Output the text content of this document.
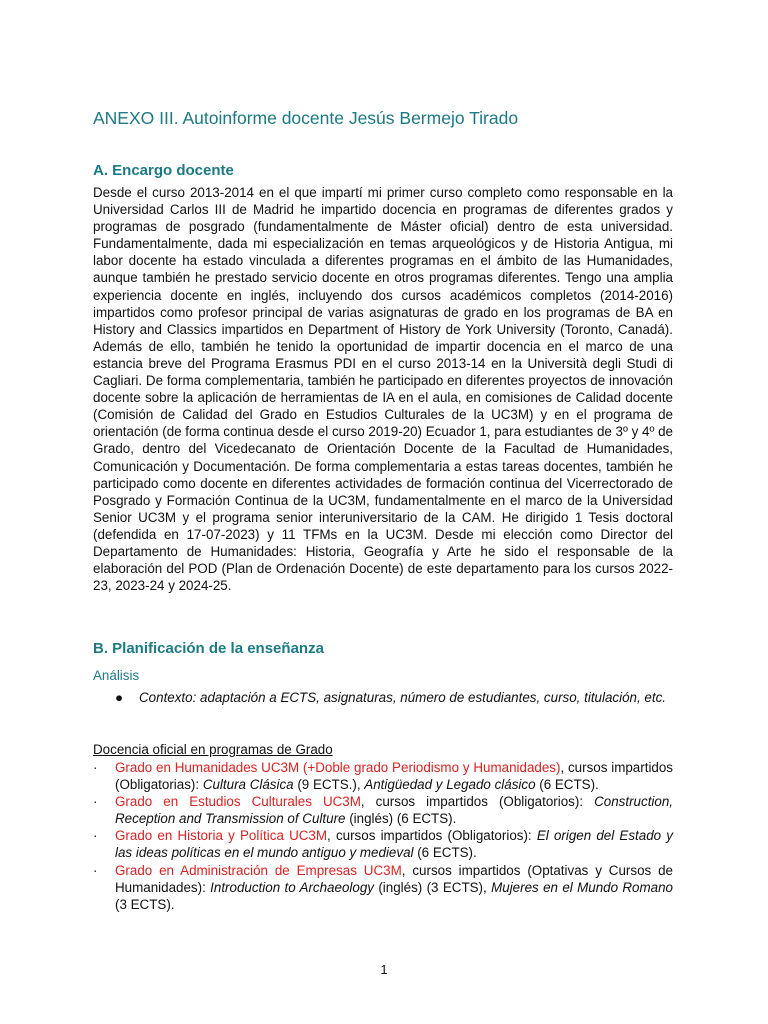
ANEXO III. Autoinforme docente Jesús Bermejo Tirado
A. Encargo docente

Desde el curso 2013-2014 en el que impartí mi primer curso completo como responsable en la Universidad Carlos III de Madrid he impartido docencia en programas de diferentes grados y programas de posgrado (fundamentalmente de Máster oficial) dentro de esta universidad. Fundamentalmente, dada mi especialización en temas arqueológicos y de Historia Antigua, mi labor docente ha estado vinculada a diferentes programas en el ámbito de las Humanidades, aunque también he prestado servicio docente en otros programas diferentes. Tengo una amplia experiencia docente en inglés, incluyendo dos cursos académicos completos (2014-2016) impartidos como profesor principal de varias asignaturas de grado en los programas de BA en History and Classics impartidos en Department of History de York University (Toronto, Canadá). Además de ello, también he tenido la oportunidad de impartir docencia en el marco de una estancia breve del Programa Erasmus PDI en el curso 2013-14 en la Università degli Studi di Cagliari. De forma complementaria, también he participado en diferentes proyectos de innovación docente sobre la aplicación de herramientas de IA en el aula, en comisiones de Calidad docente (Comisión de Calidad del Grado en Estudios Culturales de la UC3M) y en el programa de orientación (de forma continua desde el curso 2019-20) Ecuador 1, para estudiantes de 3º y 4º de Grado, dentro del Vicedecanato de Orientación Docente de la Facultad de Humanidades, Comunicación y Documentación. De forma complementaria a estas tareas docentes, también he participado como docente en diferentes actividades de formación continua del Vicerrectorado de Posgrado y Formación Continua de la UC3M, fundamentalmente en el marco de la Universidad Senior UC3M y el programa senior interuniversitario de la CAM. He dirigido 1 Tesis doctoral (defendida en 17-07-2023) y 11 TFMs en la UC3M. Desde mi elección como Director del Departamento de Humanidades: Historia, Geografía y Arte he sido el responsable de la elaboración del POD (Plan de Ordenación Docente) de este departamento para los cursos 2022-23, 2023-24 y 2024-25.

B. Planificación de la enseñanza

Análisis

● Contexto: adaptación a ECTS, asignaturas, número de estudiantes, curso, titulación, etc.

Docencia oficial en programas de Grado

· Grado en Humanidades UC3M (+Doble grado Periodismo y Humanidades), cursos impartidos (Obligatorias): Cultura Clásica (9 ECTS.), Antigüedad y Legado clásico (6 ECTS).
· Grado en Estudios Culturales UC3M, cursos impartidos (Obligatorios): Construction, Reception and Transmission of Culture (inglés) (6 ECTS).
· Grado en Historia y Política UC3M, cursos impartidos (Obligatorios): El origen del Estado y las ideas políticas en el mundo antiguo y medieval (6 ECTS).
· Grado en Administración de Empresas UC3M, cursos impartidos (Optativas y Cursos de Humanidades): Introduction to Archaeology (inglés) (3 ECTS), Mujeres en el Mundo Romano (3 ECTS).
1
